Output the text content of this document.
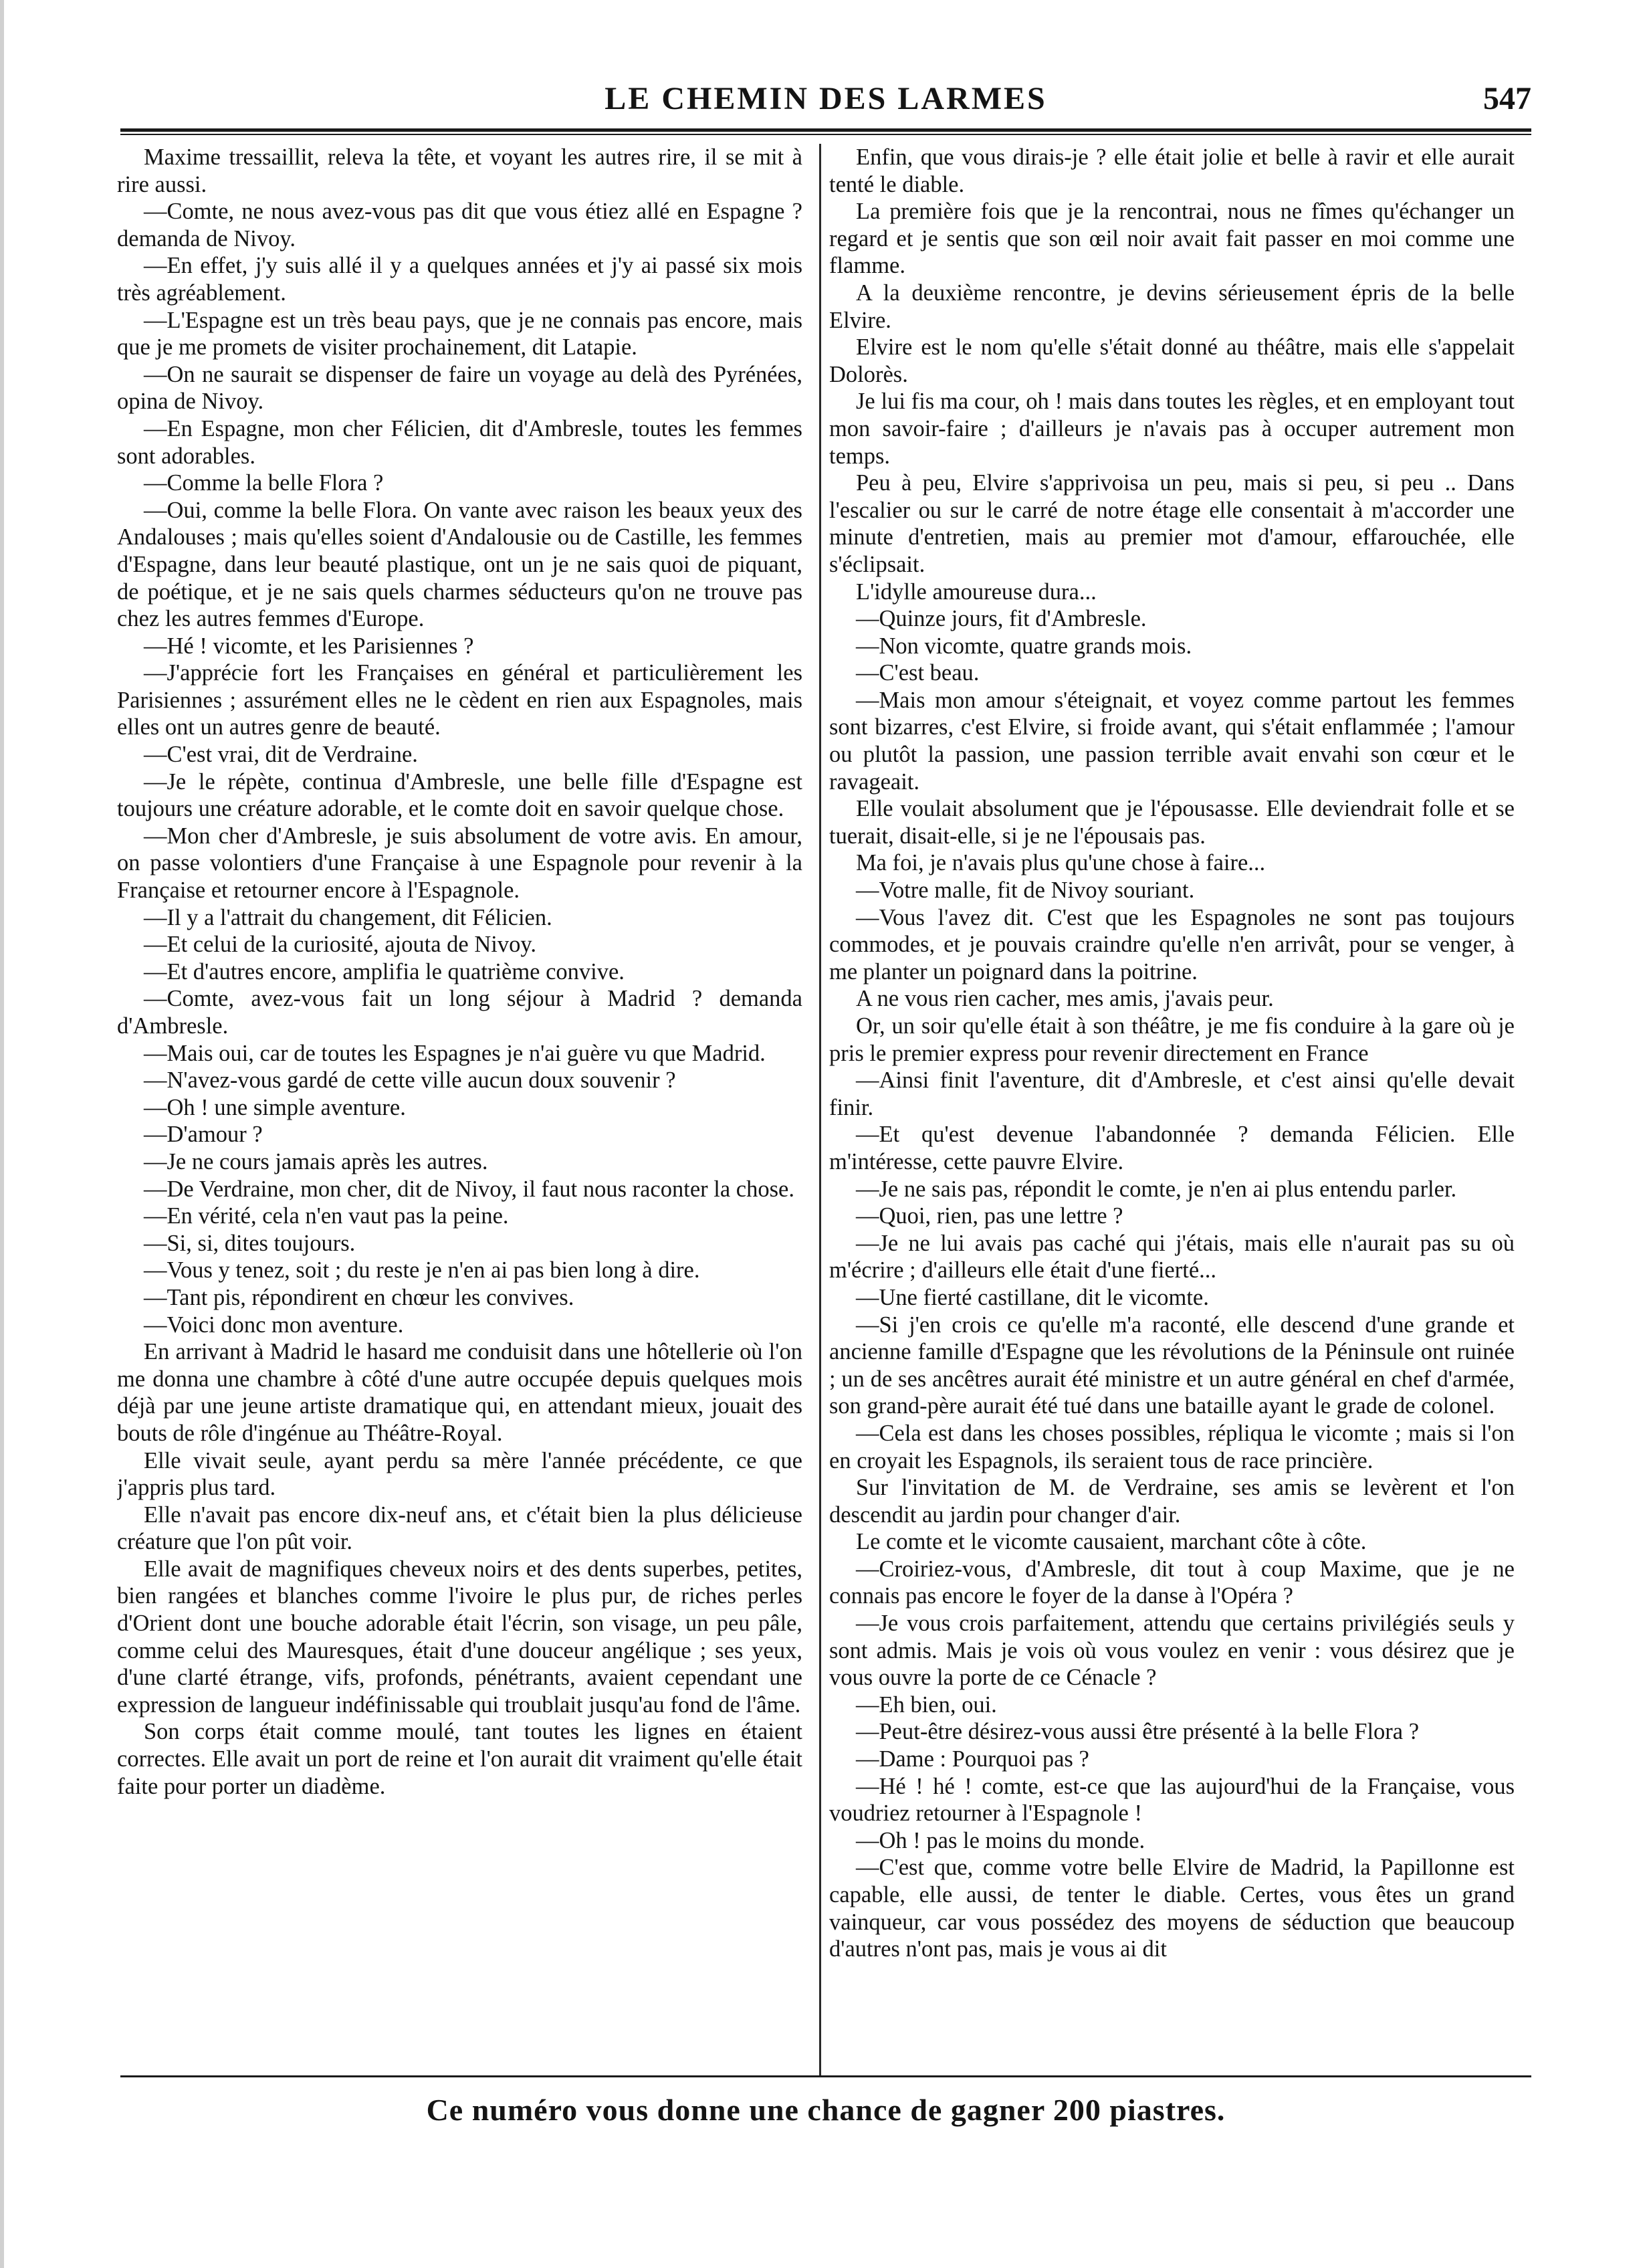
LE CHEMIN DES LARMES	547

Maxime tressaillit, releva la tête, et voyant les autres rire, il se mit à rire aussi.

—Comte, ne nous avez-vous pas dit que vous étiez allé en Espagne ? demanda de Nivoy.

—En effet, j'y suis allé il y a quelques années et j'y ai passé six mois très agréablement.

—L'Espagne est un très beau pays, que je ne connais pas encore, mais que je me promets de visiter prochainement, dit Latapie.

—On ne saurait se dispenser de faire un voyage au delà des Pyrénées, opina de Nivoy.

—En Espagne, mon cher Félicien, dit d'Ambresle, toutes les femmes sont adorables.

—Comme la belle Flora ?

—Oui, comme la belle Flora. On vante avec raison les beaux yeux des Andalouses ; mais qu'elles soient d'Andalousie ou de Castille, les femmes d'Espagne, dans leur beauté plastique, ont un je ne sais quoi de piquant, de poétique, et je ne sais quels charmes séducteurs qu'on ne trouve pas chez les autres femmes d'Europe.

—Hé ! vicomte, et les Parisiennes ?

—J'apprécie fort les Françaises en général et particulièrement les Parisiennes ; assurément elles ne le cèdent en rien aux Espagnoles, mais elles ont un autres genre de beauté.

—C'est vrai, dit de Verdraine.

—Je le répète, continua d'Ambresle, une belle fille d'Espagne est toujours une créature adorable, et le comte doit en savoir quelque chose.

—Mon cher d'Ambresle, je suis absolument de votre avis. En amour, on passe volontiers d'une Française à une Espagnole pour revenir à la Française et retourner encore à l'Espagnole.

—Il y a l'attrait du changement, dit Félicien.

—Et celui de la curiosité, ajouta de Nivoy.

—Et d'autres encore, amplifia le quatrième convive.

—Comte, avez-vous fait un long séjour à Madrid ? demanda d'Ambresle.

—Mais oui, car de toutes les Espagnes je n'ai guère vu que Madrid.

—N'avez-vous gardé de cette ville aucun doux souvenir ?

—Oh ! une simple aventure.

—D'amour ?

—Je ne cours jamais après les autres.

—De Verdraine, mon cher, dit de Nivoy, il faut nous raconter la chose.

—En vérité, cela n'en vaut pas la peine.

—Si, si, dites toujours.

—Vous y tenez, soit ; du reste je n'en ai pas bien long à dire.

—Tant pis, répondirent en chœur les convives.

—Voici donc mon aventure.

En arrivant à Madrid le hasard me conduisit dans une hôtellerie où l'on me donna une chambre à côté d'une autre occupée depuis quelques mois déjà par une jeune artiste dramatique qui, en attendant mieux, jouait des bouts de rôle d'ingénue au Théâtre-Royal.

Elle vivait seule, ayant perdu sa mère l'année précédente, ce que j'appris plus tard.

Elle n'avait pas encore dix-neuf ans, et c'était bien la plus délicieuse créature que l'on pût voir.

Elle avait de magnifiques cheveux noirs et des dents superbes, petites, bien rangées et blanches comme l'ivoire le plus pur, de riches perles d'Orient dont une bouche adorable était l'écrin, son visage, un peu pâle, comme celui des Mauresques, était d'une douceur angélique ; ses yeux, d'une clarté étrange, vifs, profonds, pénétrants, avaient cependant une expression de langueur indéfinissable qui troublait jusqu'au fond de l'âme.

Son corps était comme moulé, tant toutes les lignes en étaient correctes. Elle avait un port de reine et l'on aurait dit vraiment qu'elle était faite pour porter un diadème.

Enfin, que vous dirais-je ? elle était jolie et belle à ravir et elle aurait tenté le diable.

La première fois que je la rencontrai, nous ne fîmes qu'échanger un regard et je sentis que son œil noir avait fait passer en moi comme une flamme.

A la deuxième rencontre, je devins sérieusement épris de la belle Elvire.

Elvire est le nom qu'elle s'était donné au théâtre, mais elle s'appelait Dolorès.

Je lui fis ma cour, oh ! mais dans toutes les règles, et en employant tout mon savoir-faire ; d'ailleurs je n'avais pas à occuper autrement mon temps.

Peu à peu, Elvire s'apprivoisa un peu, mais si peu, si peu .. Dans l'escalier ou sur le carré de notre étage elle consentait à m'accorder une minute d'entretien, mais au premier mot d'amour, effarouchée, elle s'éclipsait.

L'idylle amoureuse dura...

—Quinze jours, fit d'Ambresle.

—Non vicomte, quatre grands mois.

—C'est beau.

—Mais mon amour s'éteignait, et voyez comme partout les femmes sont bizarres, c'est Elvire, si froide avant, qui s'était enflammée ; l'amour ou plutôt la passion, une passion terrible avait envahi son cœur et le ravageait.

Elle voulait absolument que je l'épousasse. Elle deviendrait folle et se tuerait, disait-elle, si je ne l'épousais pas.

Ma foi, je n'avais plus qu'une chose à faire...

—Votre malle, fit de Nivoy souriant.

—Vous l'avez dit. C'est que les Espagnoles ne sont pas toujours commodes, et je pouvais craindre qu'elle n'en arrivât, pour se venger, à me planter un poignard dans la poitrine.

A ne vous rien cacher, mes amis, j'avais peur.

Or, un soir qu'elle était à son théâtre, je me fis conduire à la gare où je pris le premier express pour revenir directement en France

—Ainsi finit l'aventure, dit d'Ambresle, et c'est ainsi qu'elle devait finir.

—Et qu'est devenue l'abandonnée ? demanda Félicien. Elle m'intéresse, cette pauvre Elvire.

—Je ne sais pas, répondit le comte, je n'en ai plus entendu parler.

—Quoi, rien, pas une lettre ?

—Je ne lui avais pas caché qui j'étais, mais elle n'aurait pas su où m'écrire ; d'ailleurs elle était d'une fierté...

—Une fierté castillane, dit le vicomte.

—Si j'en crois ce qu'elle m'a raconté, elle descend d'une grande et ancienne famille d'Espagne que les révolutions de la Péninsule ont ruinée ; un de ses ancêtres aurait été ministre et un autre général en chef d'armée, son grand-père aurait été tué dans une bataille ayant le grade de colonel.

—Cela est dans les choses possibles, répliqua le vicomte ; mais si l'on en croyait les Espagnols, ils seraient tous de race princière.

Sur l'invitation de M. de Verdraine, ses amis se levèrent et l'on descendit au jardin pour changer d'air.

Le comte et le vicomte causaient, marchant côte à côte.

—Croiriez-vous, d'Ambresle, dit tout à coup Maxime, que je ne connais pas encore le foyer de la danse à l'Opéra ?

—Je vous crois parfaitement, attendu que certains privilégiés seuls y sont admis. Mais je vois où vous voulez en venir : vous désirez que je vous ouvre la porte de ce Cénacle ?

—Eh bien, oui.

—Peut-être désirez-vous aussi être présenté à la belle Flora ?

—Dame : Pourquoi pas ?

—Hé ! hé ! comte, est-ce que las aujourd'hui de la Française, vous voudriez retourner à l'Espagnole !

—Oh ! pas le moins du monde.

—C'est que, comme votre belle Elvire de Madrid, la Papillonne est capable, elle aussi, de tenter le diable. Certes, vous êtes un grand vainqueur, car vous possédez des moyens de séduction que beaucoup d'autres n'ont pas, mais je vous ai dit

Ce numéro vous donne une chance de gagner 200 piastres.
